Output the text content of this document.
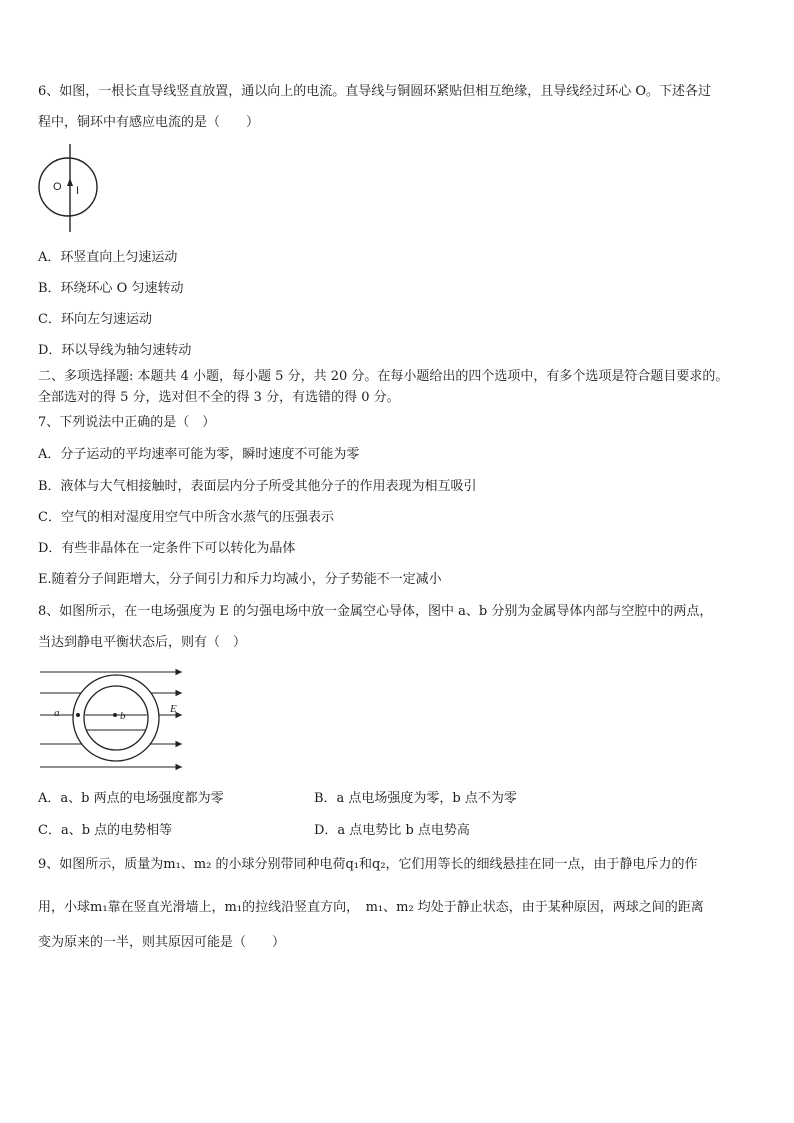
6、如图，一根长直导线竖直放置，通以向上的电流。直导线与铜圆环紧贴但相互绝缘，且导线经过环心 O。下述各过
程中，铜环中有感应电流的是（　　）
O I
A．环竖直向上匀速运动
B．环绕环心 O 匀速转动
C．环向左匀速运动
D．环以导线为轴匀速转动
二、多项选择题: 本题共 4 小题，每小题 5 分，共 20 分。在每小题给出的四个选项中，有多个选项是符合题目要求的。
全部选对的得 5 分，选对但不全的得 3 分，有选错的得 0 分。
7、下列说法中正确的是（　）
A．分子运动的平均速率可能为零，瞬时速度不可能为零
B．液体与大气相接触时，表面层内分子所受其他分子的作用表现为相互吸引
C．空气的相对湿度用空气中所含水蒸气的压强表示
D．有些非晶体在一定条件下可以转化为晶体
E.随着分子间距增大，分子间引力和斥力均减小，分子势能不一定减小
8、如图所示，在一电场强度为 E 的匀强电场中放一金属空心导体，图中 a、b 分别为金属导体内部与空腔中的两点，
当达到静电平衡状态后，则有（　）
a	b
E
A．a、b 两点的电场强度都为零	B．a 点电场强度为零，b 点不为零
C．a、b 点的电势相等	D．a 点电势比 b 点电势高
9、如图所示，质量为m₁、m₂ 的小球分别带同种电荷q₁和q₂，它们用等长的细线悬挂在同一点，由于静电斥力的作
用，小球m₁靠在竖直光滑墙上，m₁的拉线沿竖直方向，　m₁、m₂ 均处于静止状态，由于某种原因，两球之间的距离
变为原来的一半，则其原因可能是（　　）
